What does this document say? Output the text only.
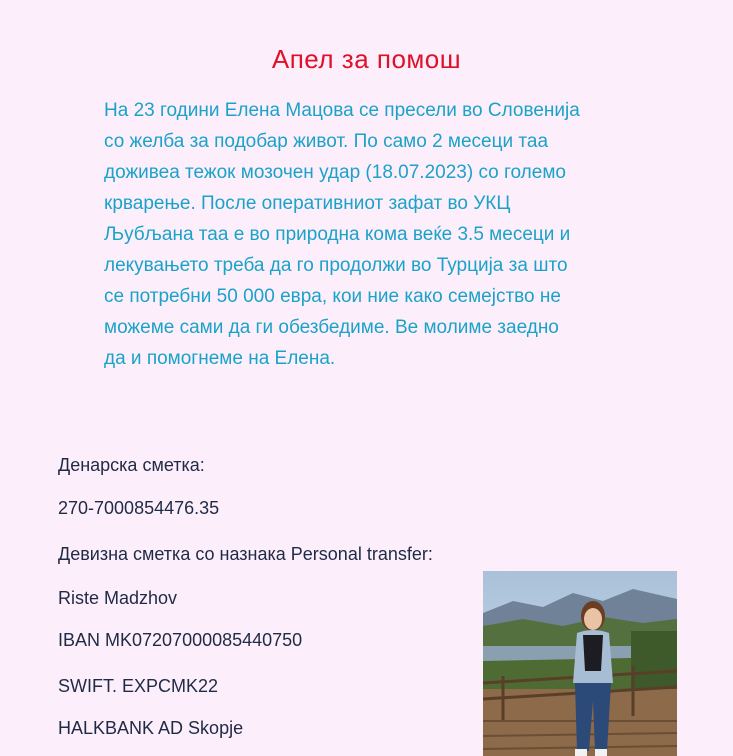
Апел за помош

На 23 години Елена Мацова се пресели во Словенија

со желба за подобар живот. По само 2 месеци таа

доживеа тежок мозочен удар (18.07.2023) со големо

крварење. После оперативниот зафат во УКЦ

Љубљана таа е во природна кома веќе 3.5 месеци и

лекувањето треба да го продолжи во Турција за што

се потребни 50 000 евра, кои ние како семејство не

можеме сами да ги обезбедиме. Ве молиме заедно

да и помогнеме на Елена.

Денарска сметка:
270-7000854476.35
Девизна сметка со назнака Personal transfer:
Riste Madzhov
IBAN MK07207000085440750
SWIFT. EXPCMK22
HALKBANK AD Skopje
